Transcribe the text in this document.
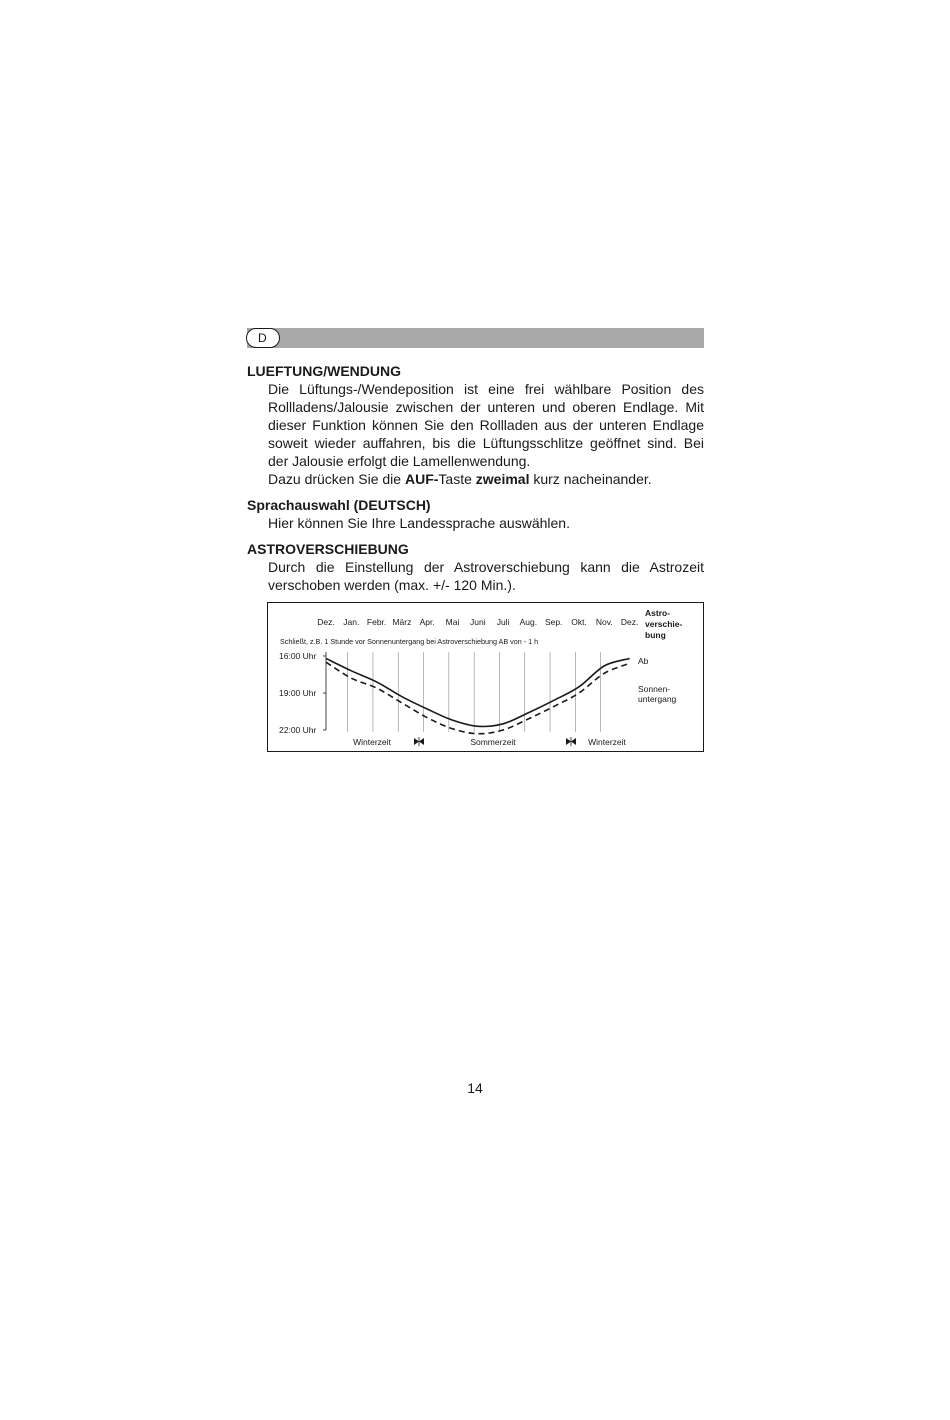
D

LUEFTUNG/WENDUNG

Die Lüftungs-/Wendeposition ist eine frei wählbare Position des Rollladens/Jalousie zwischen der unteren und oberen Endlage. Mit dieser Funktion können Sie den Rollladen aus der unteren Endlage soweit wieder auffahren, bis die Lüftungsschlitze geöffnet sind. Bei der Jalousie erfolgt die Lamellenwendung.
Dazu drücken Sie die AUF-Taste zweimal kurz nacheinander.

Sprachauswahl (DEUTSCH)

Hier können Sie Ihre Landessprache auswählen.

ASTROVERSCHIEBUNG

Durch die Einstellung der Astroverschiebung kann die Astrozeit verschoben werden (max. +/- 120 Min.).

Dez. Jan. Febr. März Apr. Mai Juni Juli Aug. Sep. Okt. Nov. Dez.
Schließt, z.B. 1 Stunde vor Sonnenuntergang bei Astroverschiebung AB von - 1 h
16:00 Uhr
19:00 Uhr
22:00 Uhr
Astro-
verschie-
bung
Ab
Sonnen-
untergang
Winterzeit	Sommerzeit	Winterzeit
14
